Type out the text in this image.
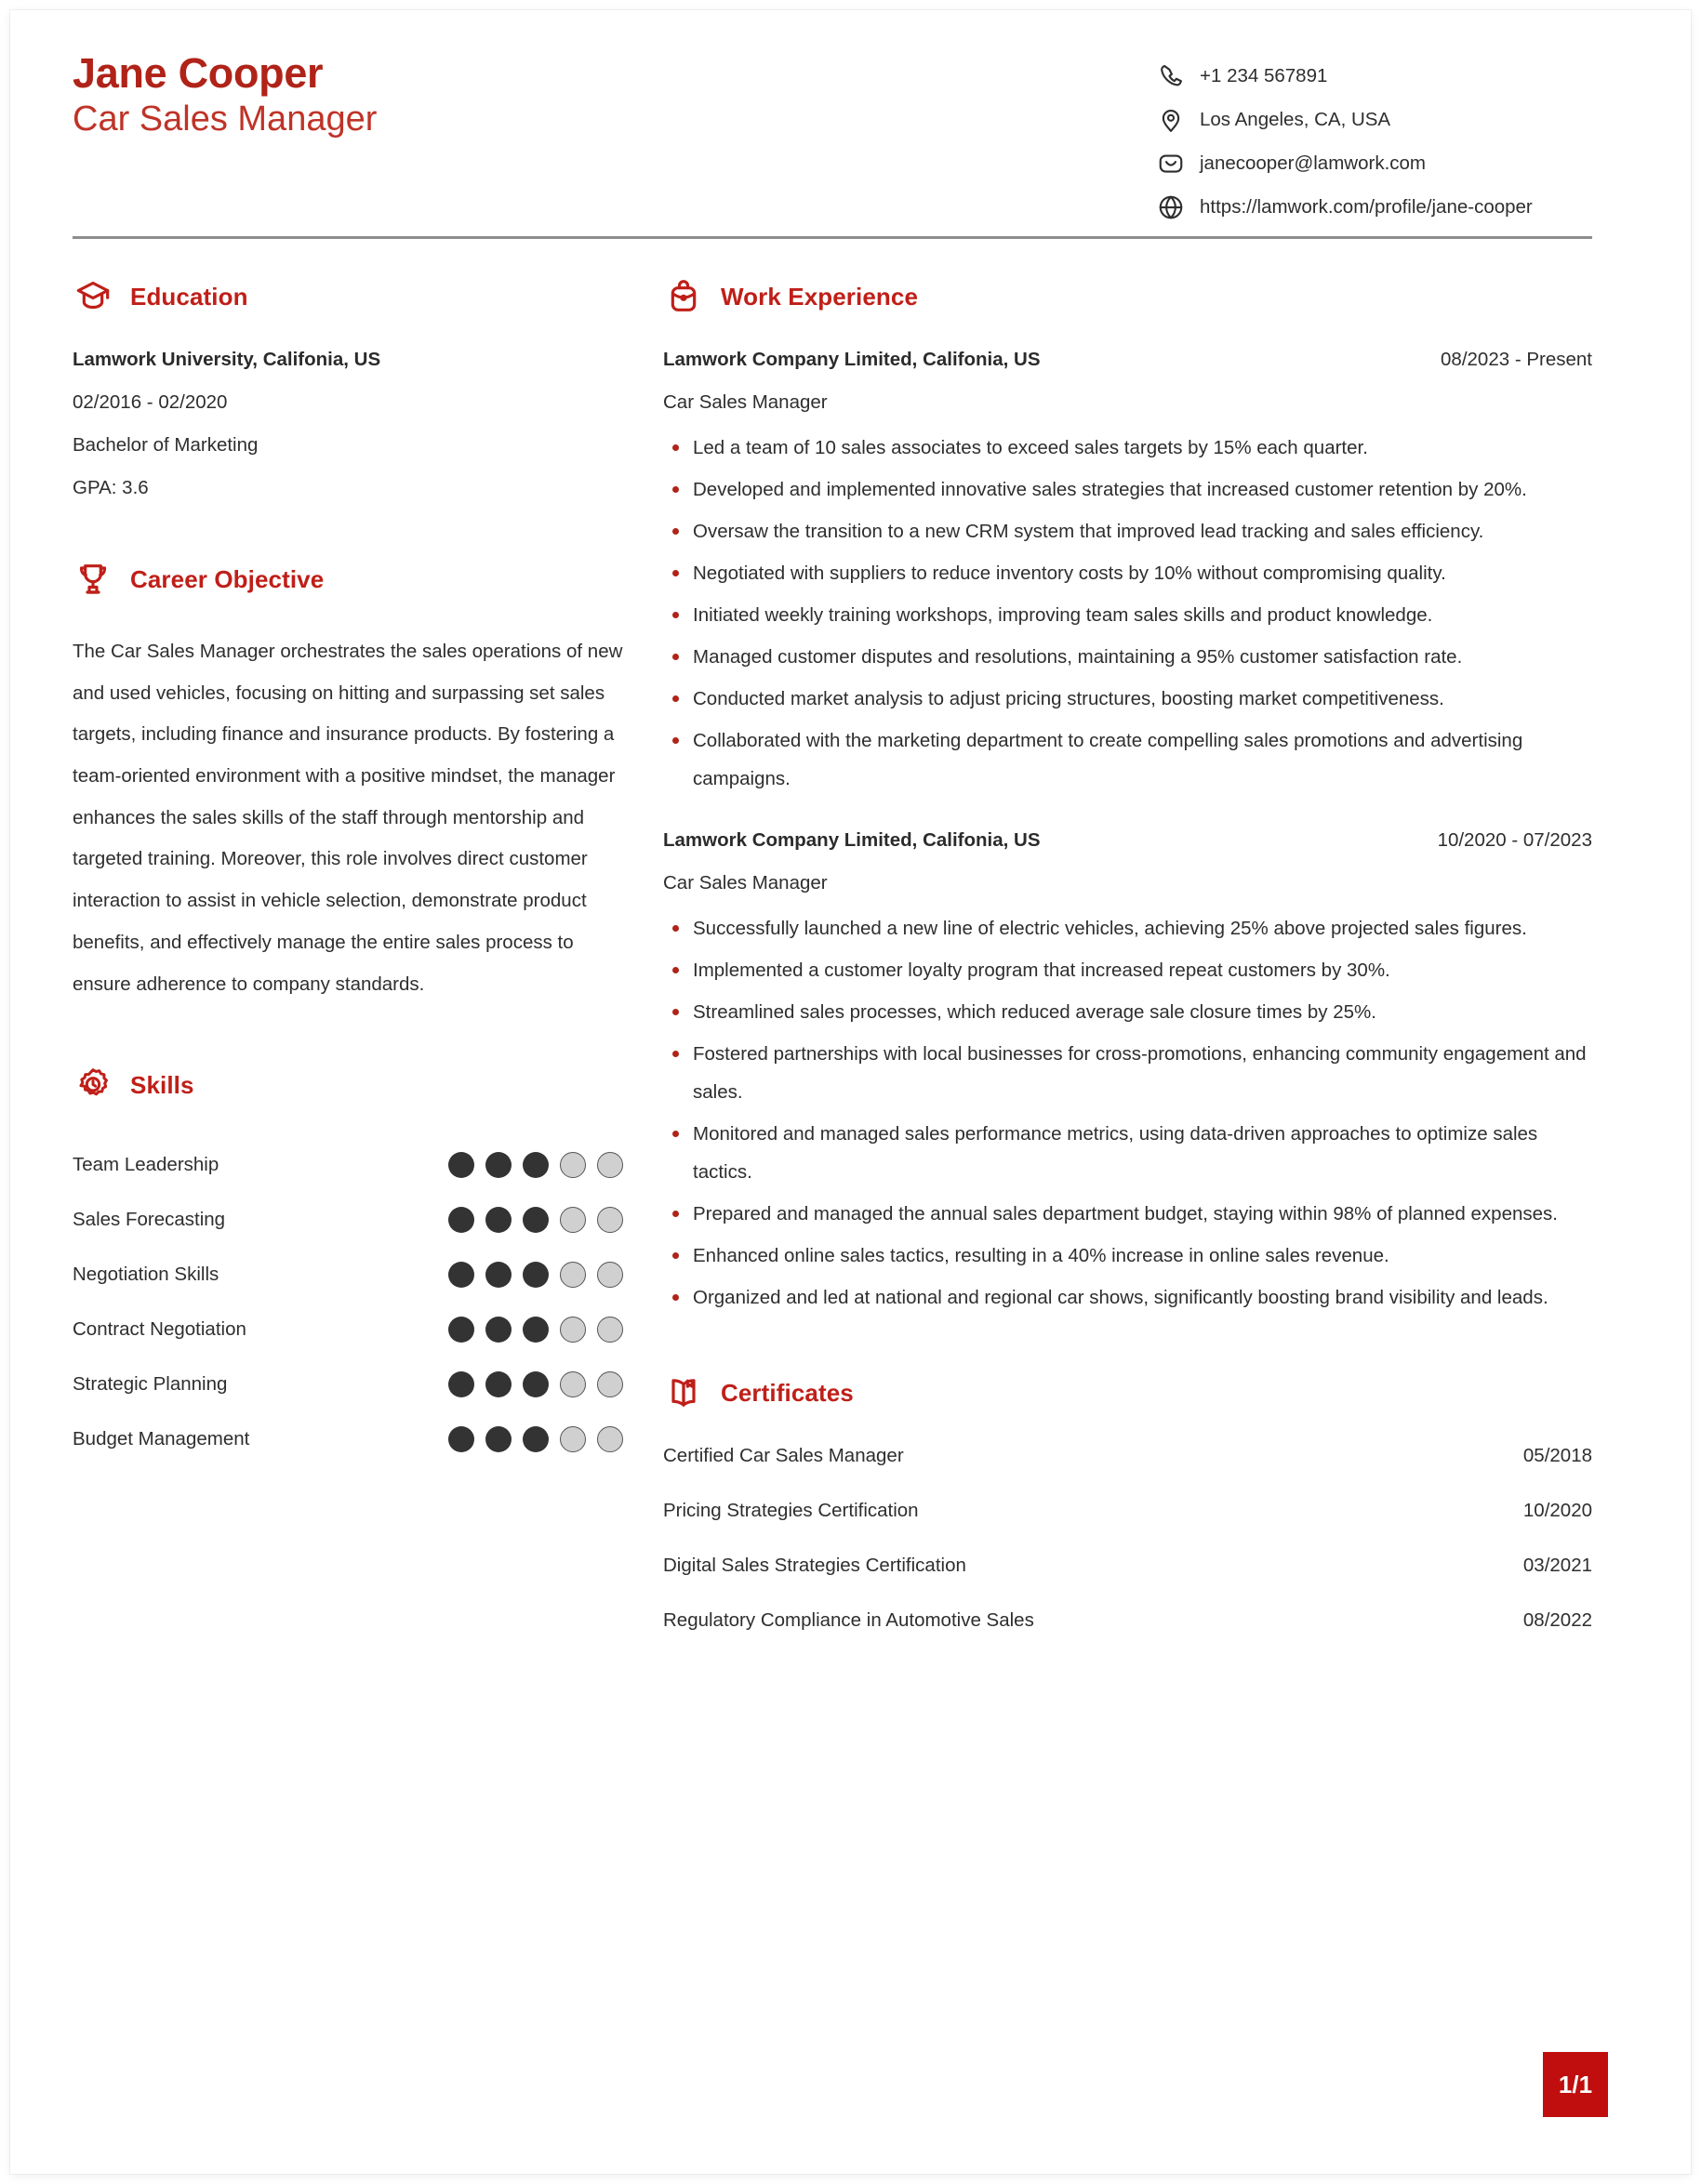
Jane Cooper
Car Sales Manager
+1 234 567891
Los Angeles, CA, USA
janecooper@lamwork.com
https://lamwork.com/profile/jane-cooper
Education
Lamwork University, Califonia, US
02/2016 - 02/2020
Bachelor of Marketing
GPA: 3.6
Career Objective
The Car Sales Manager orchestrates the sales operations of new and used vehicles, focusing on hitting and surpassing set sales targets, including finance and insurance products. By fostering a team-oriented environment with a positive mindset, the manager enhances the sales skills of the staff through mentorship and targeted training. Moreover, this role involves direct customer interaction to assist in vehicle selection, demonstrate product benefits, and effectively manage the entire sales process to ensure adherence to company standards.
Skills
Team Leadership
Sales Forecasting
Negotiation Skills
Contract Negotiation
Strategic Planning
Budget Management
Work Experience
Lamwork Company Limited, Califonia, US	08/2023 - Present
Car Sales Manager
Led a team of 10 sales associates to exceed sales targets by 15% each quarter.
Developed and implemented innovative sales strategies that increased customer retention by 20%.
Oversaw the transition to a new CRM system that improved lead tracking and sales efficiency.
Negotiated with suppliers to reduce inventory costs by 10% without compromising quality.
Initiated weekly training workshops, improving team sales skills and product knowledge.
Managed customer disputes and resolutions, maintaining a 95% customer satisfaction rate.
Conducted market analysis to adjust pricing structures, boosting market competitiveness.
Collaborated with the marketing department to create compelling sales promotions and advertising campaigns.
Lamwork Company Limited, Califonia, US	10/2020 - 07/2023
Car Sales Manager
Successfully launched a new line of electric vehicles, achieving 25% above projected sales figures.
Implemented a customer loyalty program that increased repeat customers by 30%.
Streamlined sales processes, which reduced average sale closure times by 25%.
Fostered partnerships with local businesses for cross-promotions, enhancing community engagement and sales.
Monitored and managed sales performance metrics, using data-driven approaches to optimize sales tactics.
Prepared and managed the annual sales department budget, staying within 98% of planned expenses.
Enhanced online sales tactics, resulting in a 40% increase in online sales revenue.
Organized and led at national and regional car shows, significantly boosting brand visibility and leads.
Certificates
Certified Car Sales Manager	05/2018
Pricing Strategies Certification	10/2020
Digital Sales Strategies Certification	03/2021
Regulatory Compliance in Automotive Sales	08/2022
1/1
